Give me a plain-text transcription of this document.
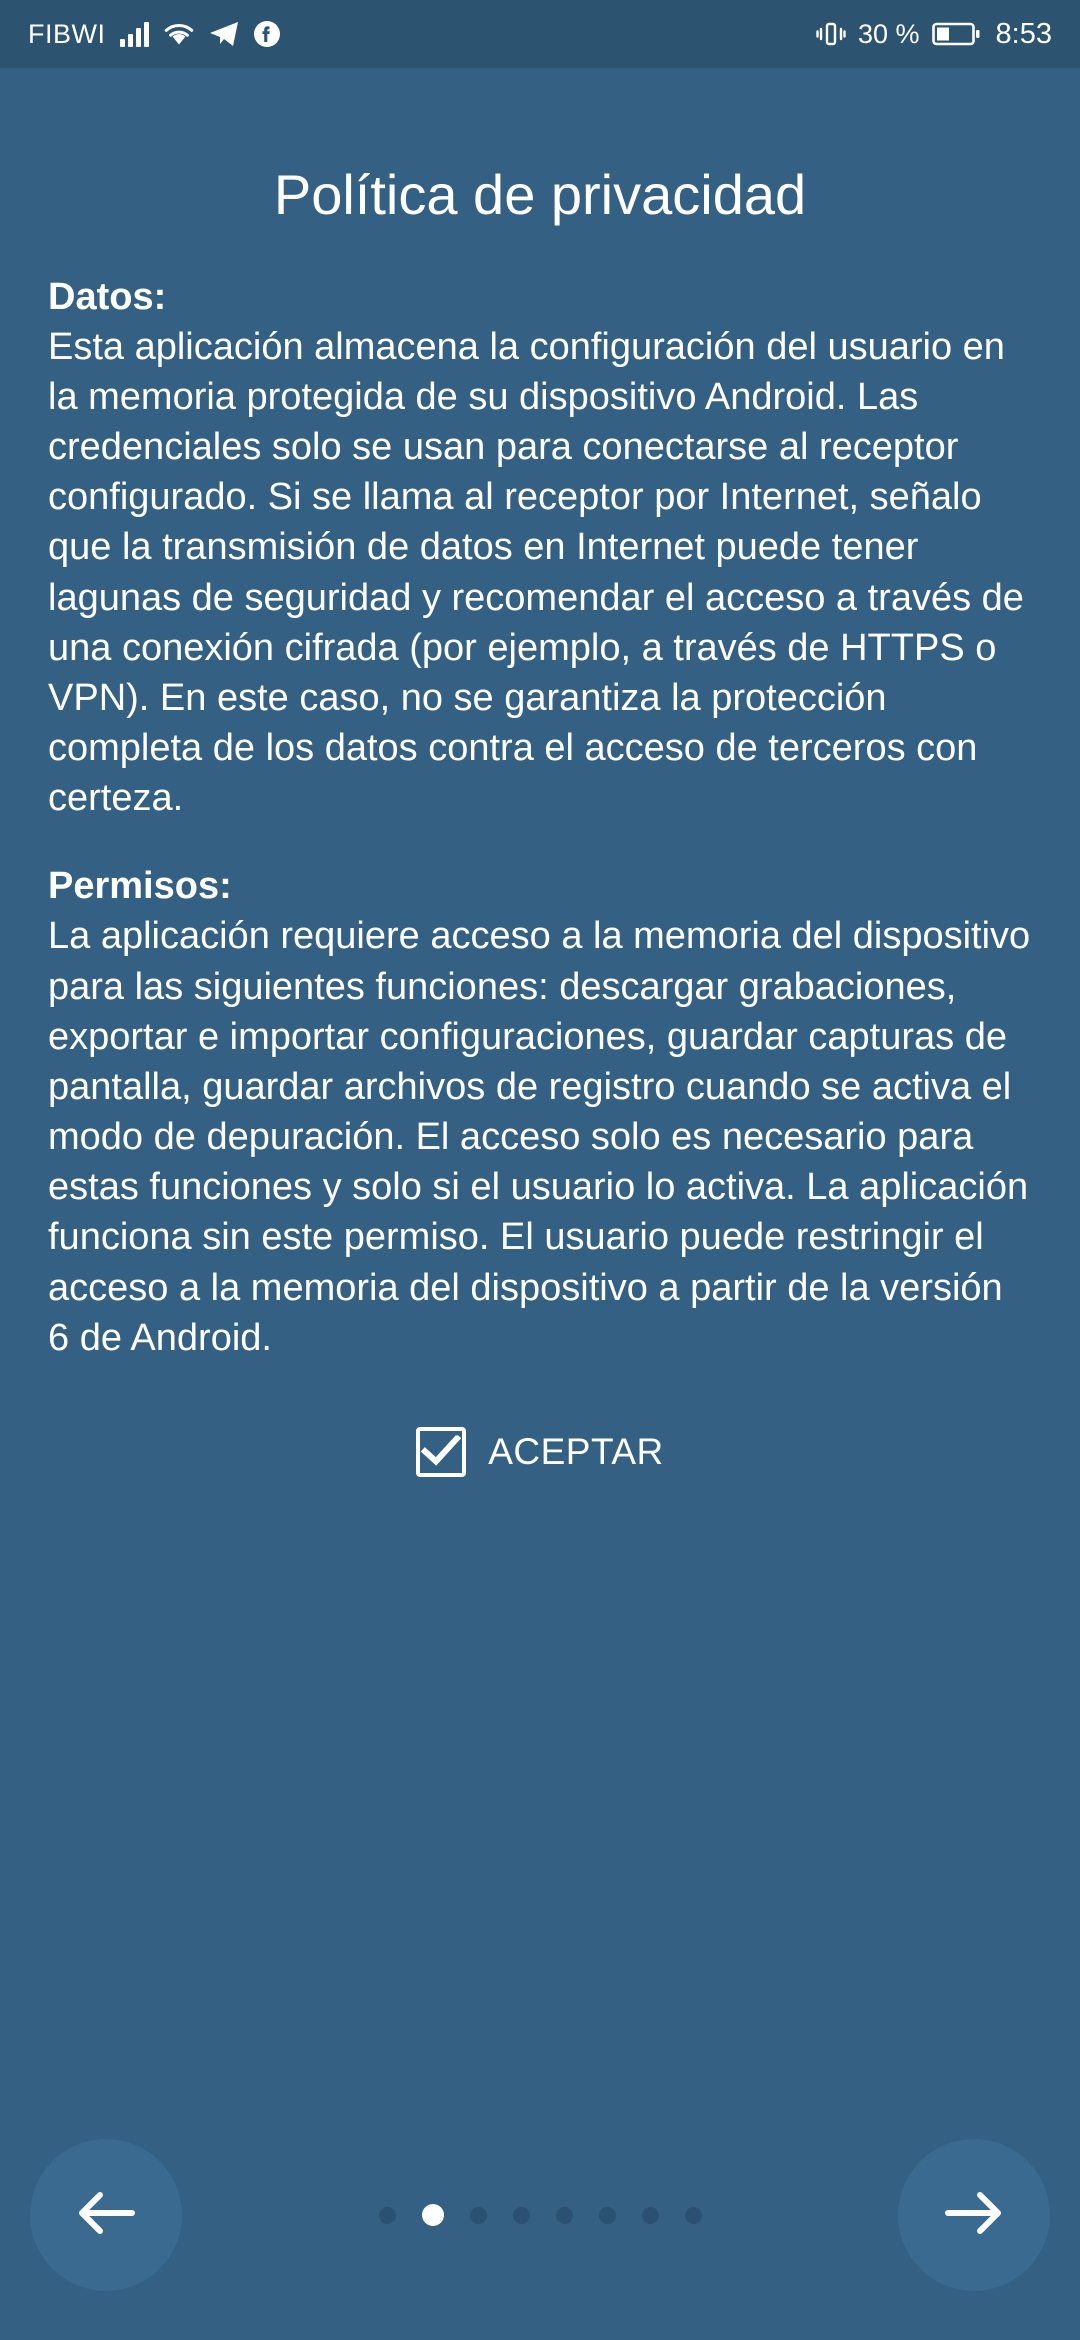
FIBWI	30 %	8:53
Política de privacidad
Datos:
Esta aplicación almacena la configuración del usuario en la memoria protegida de su dispositivo Android. Las credenciales solo se usan para conectarse al receptor configurado. Si se llama al receptor por Internet, señalo que la transmisión de datos en Internet puede tener lagunas de seguridad y recomendar el acceso a través de una conexión cifrada (por ejemplo, a través de HTTPS o VPN). En este caso, no se garantiza la protección completa de los datos contra el acceso de terceros con certeza.
Permisos:
La aplicación requiere acceso a la memoria del dispositivo para las siguientes funciones: descargar grabaciones, exportar e importar configuraciones, guardar capturas de pantalla, guardar archivos de registro cuando se activa el modo de depuración. El acceso solo es necesario para estas funciones y solo si el usuario lo activa. La aplicación funciona sin este permiso. El usuario puede restringir el acceso a la memoria del dispositivo a partir de la versión 6 de Android.
ACEPTAR
